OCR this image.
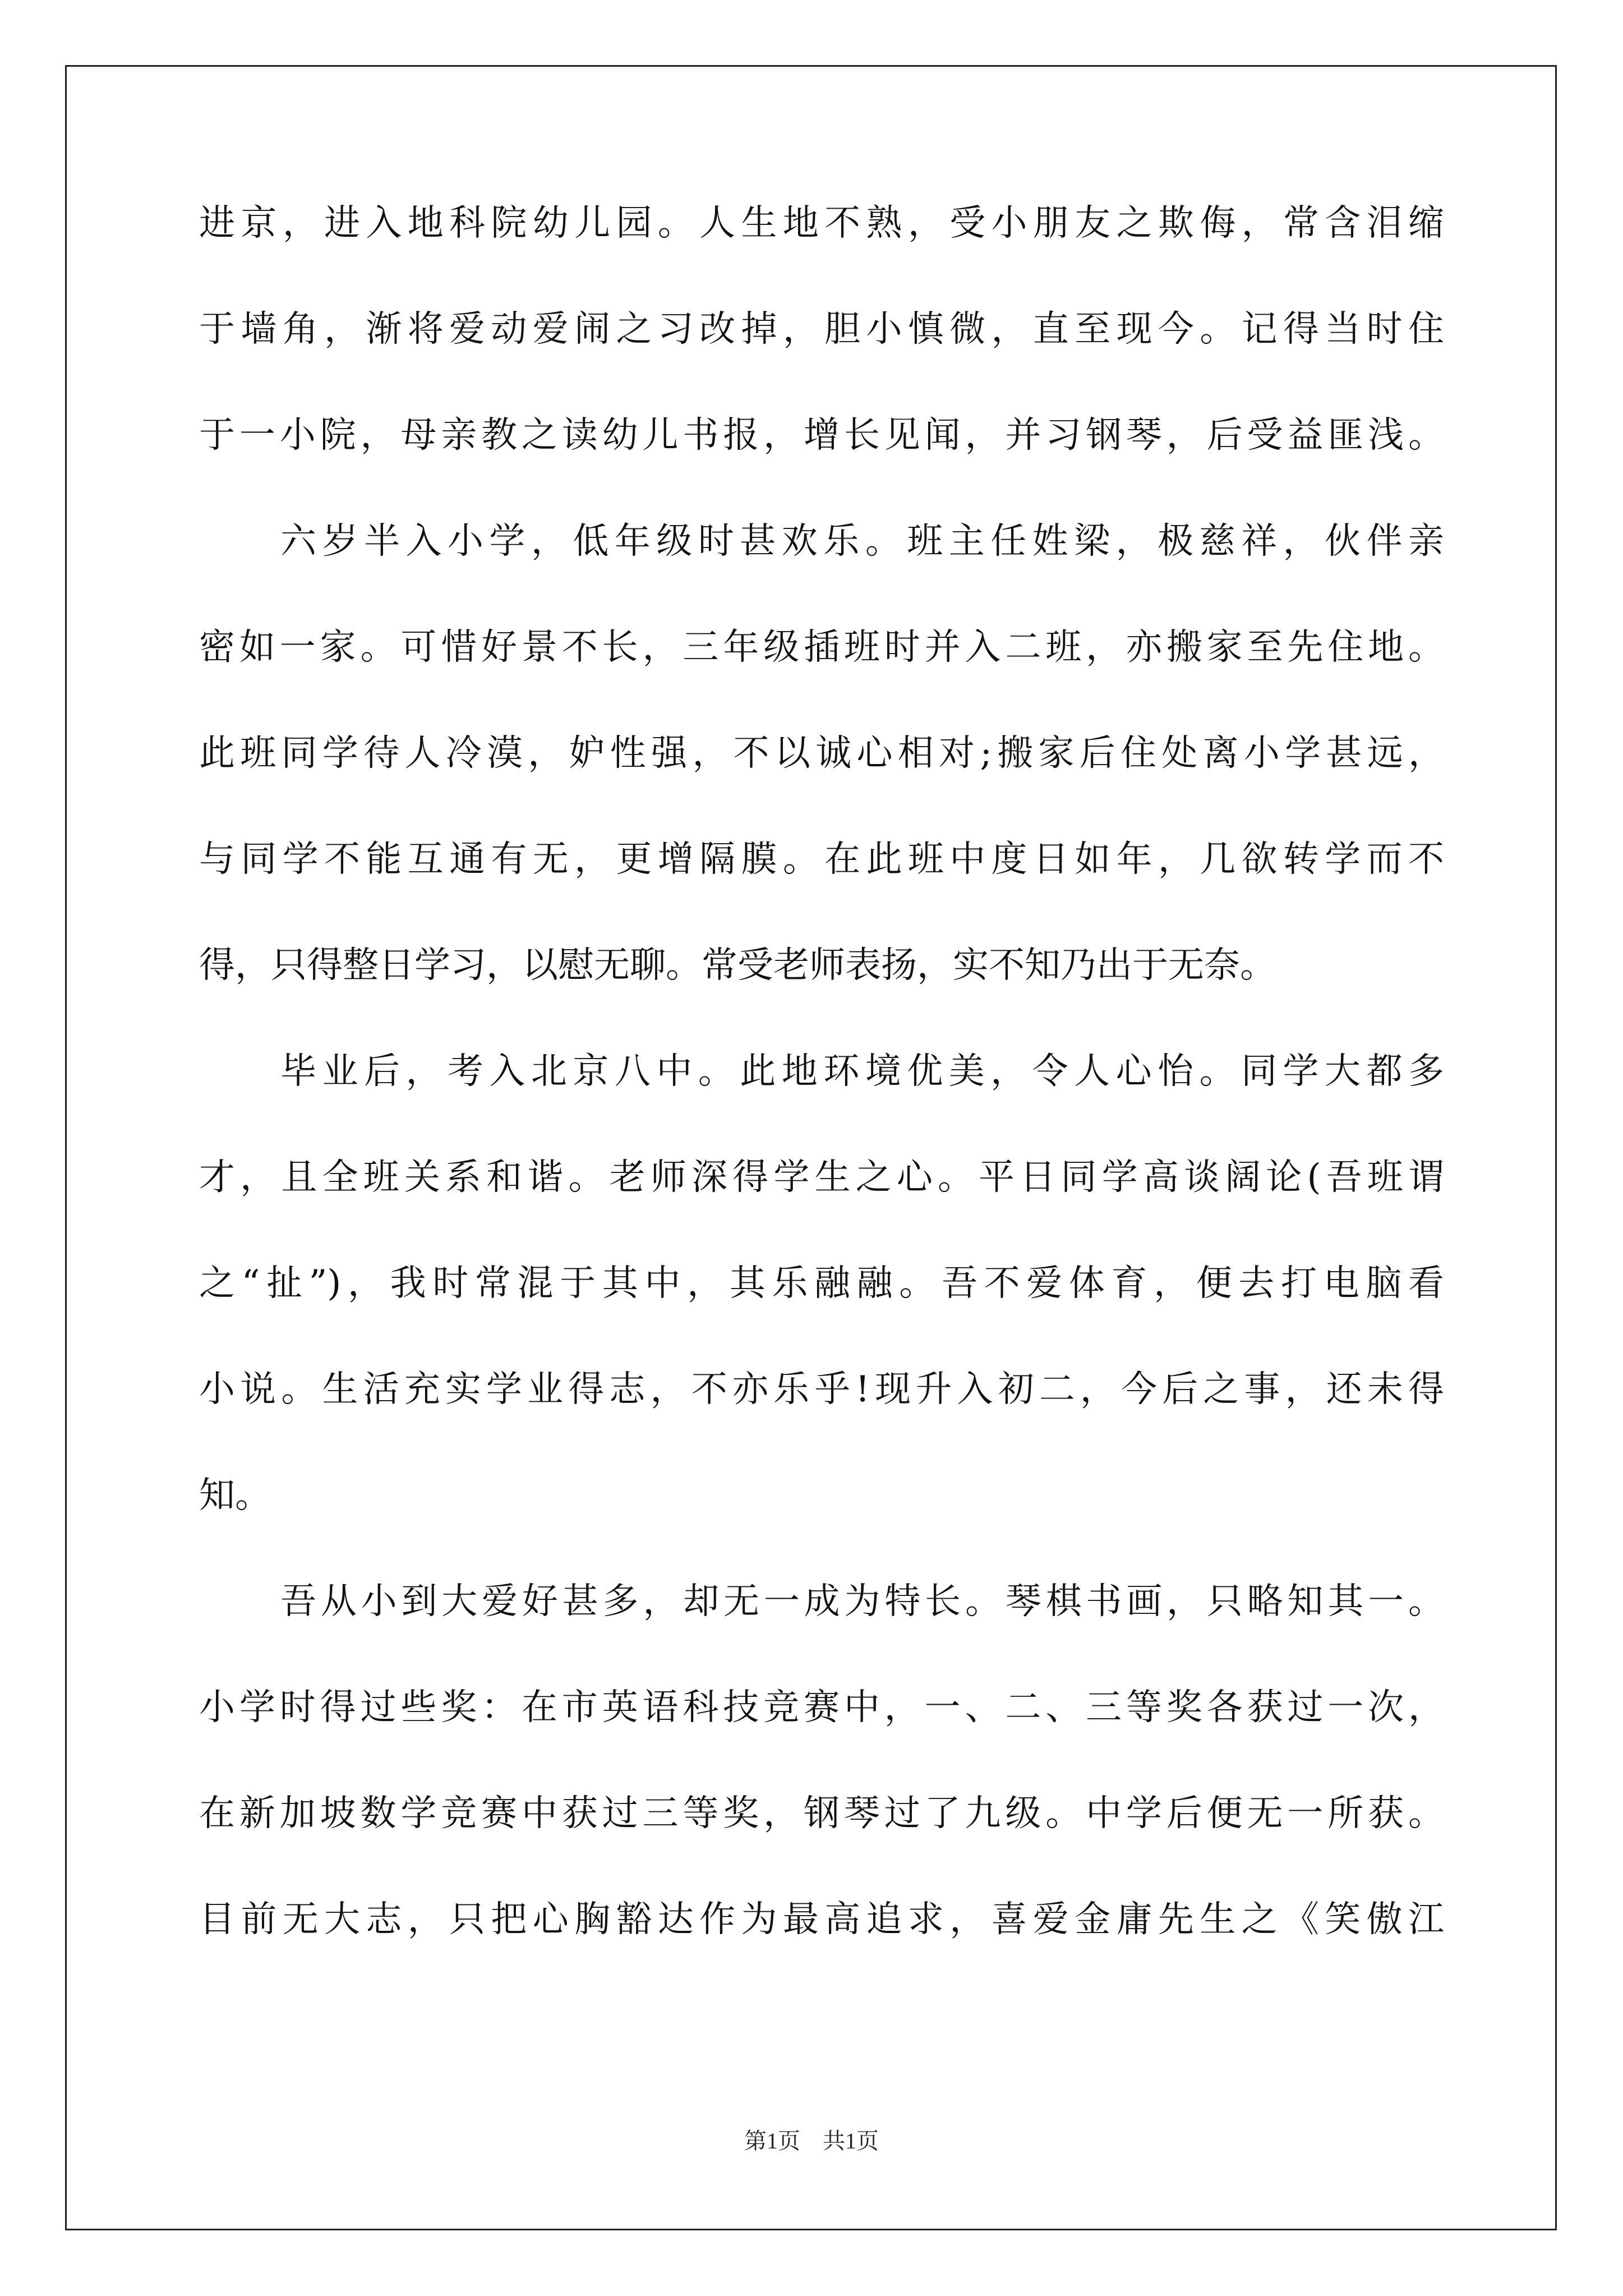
进京，进入地科院幼儿园。人生地不熟，受小朋友之欺侮，常含泪缩
于墙角，渐将爱动爱闹之习改掉，胆小慎微，直至现今。记得当时住
于一小院，母亲教之读幼儿书报，增长见闻，并习钢琴，后受益匪浅。
六岁半入小学，低年级时甚欢乐。班主任姓梁，极慈祥，伙伴亲
密如一家。可惜好景不长，三年级插班时并入二班，亦搬家至先住地。
此班同学待人冷漠，妒性强，不以诚心相对;搬家后住处离小学甚远，
与同学不能互通有无，更增隔膜。在此班中度日如年，几欲转学而不
得，只得整日学习，以慰无聊。常受老师表扬，实不知乃出于无奈。
毕业后，考入北京八中。此地环境优美，令人心怡。同学大都多
才，且全班关系和谐。老师深得学生之心。平日同学高谈阔论(吾班谓
之“扯”)，我时常混于其中，其乐融融。吾不爱体育，便去打电脑看
小说。生活充实学业得志，不亦乐乎!现升入初二，今后之事，还未得
知。
吾从小到大爱好甚多，却无一成为特长。琴棋书画，只略知其一。
小学时得过些奖：在市英语科技竞赛中，一、二、三等奖各获过一次，
在新加坡数学竞赛中获过三等奖，钢琴过了九级。中学后便无一所获。
目前无大志，只把心胸豁达作为最高追求，喜爱金庸先生之《笑傲江
第1页　共1页
